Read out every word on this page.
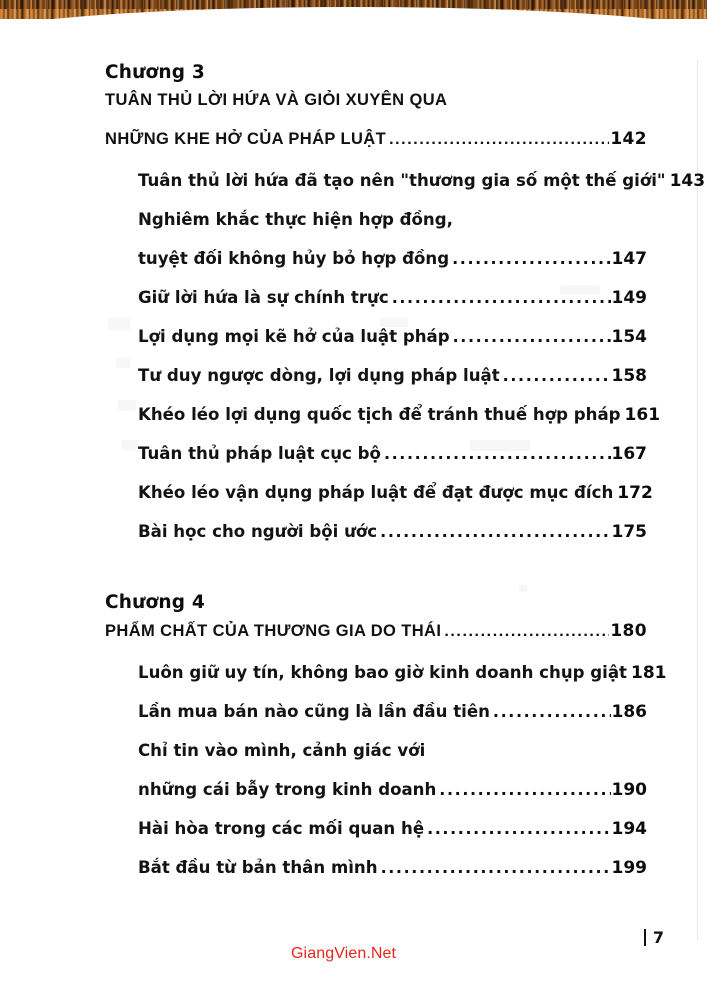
Chương 3
TUÂN THỦ LỜI HỨA VÀ GIỎI XUYÊN QUA
NHỮNG KHE HỞ CỦA PHÁP LUẬT .....	142
Tuân thủ lời hứa đã tạo nên "thương gia số một thế giới" 143
Nghiêm khắc thực hiện hợp đồng,
tuyệt đối không hủy bỏ hợp đồng .....	147
Giữ lời hứa là sự chính trực .....	149
Lợi dụng mọi kẽ hở của luật pháp .....	154
Tư duy ngược dòng, lợi dụng pháp luật .....	158
Khéo léo lợi dụng quốc tịch để tránh thuế hợp pháp 161
Tuân thủ pháp luật cục bộ .....	167
Khéo léo vận dụng pháp luật để đạt được mục đích 172
Bài học cho người bội ước .....	175
Chương 4
PHẨM CHẤT CỦA THƯƠNG GIA DO THÁI .....	180
Luôn giữ uy tín, không bao giờ kinh doanh chụp giật 181
Lần mua bán nào cũng là lần đầu tiên .....	186
Chỉ tin vào mình, cảnh giác với
những cái bẫy trong kinh doanh .....	190
Hài hòa trong các mối quan hệ .....	194
Bắt đầu từ bản thân mình .....	199
GiangVien.Net
7
